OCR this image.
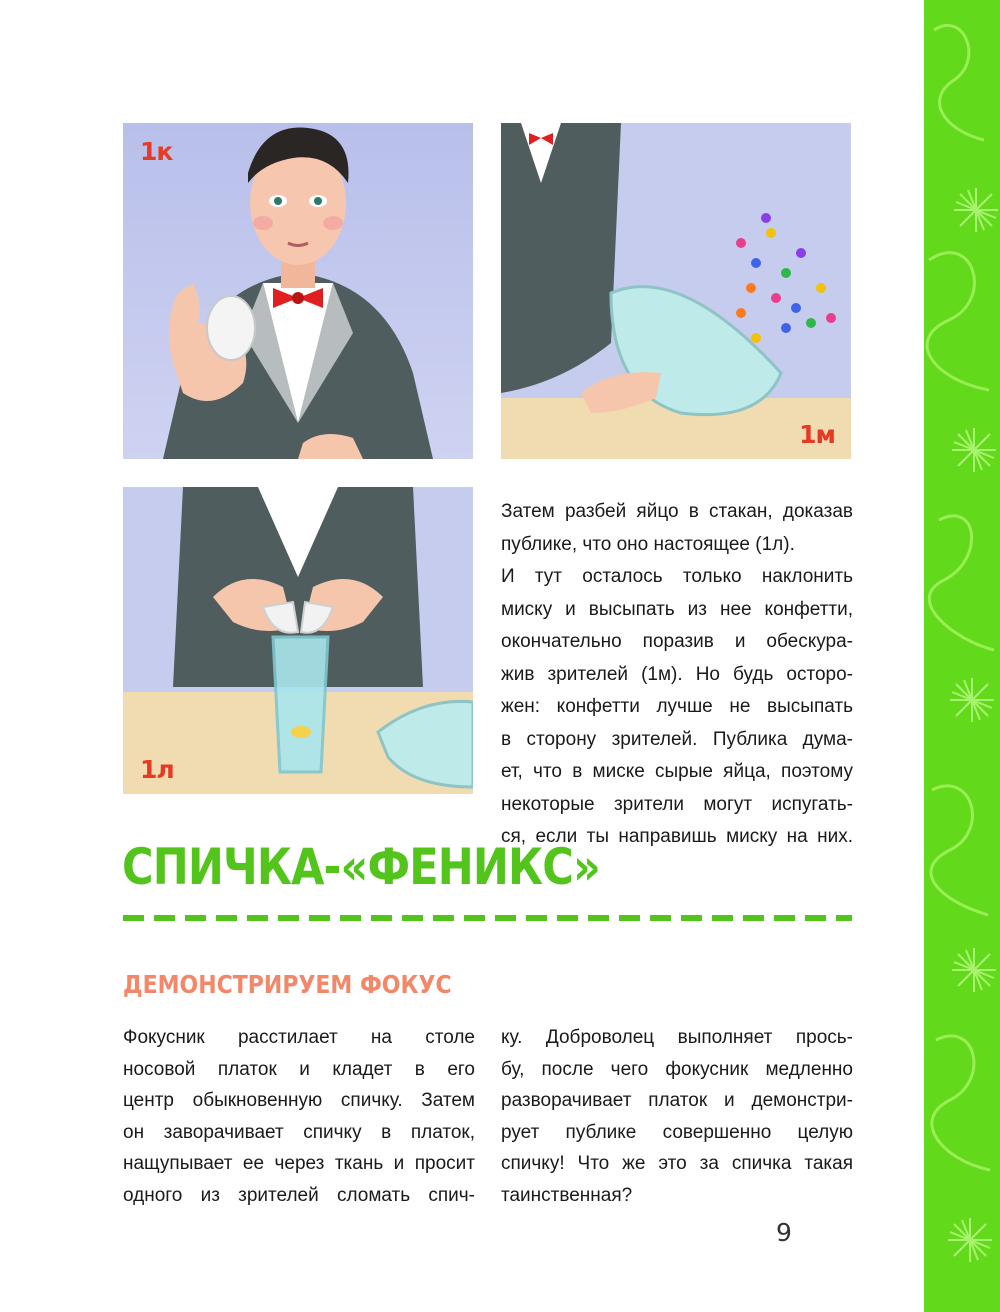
1к
1м
1л
Затем разбей яйцо в стакан, доказав
публике, что оно настоящее (1л).
И тут осталось только наклонить
миску и высыпать из нее конфетти,
окончательно поразив и обескура-
жив зрителей (1м). Но будь осторо-
жен: конфетти лучше не высыпать
в сторону зрителей. Публика дума-
ет, что в миске сырые яйца, поэтому
некоторые зрители могут испугать-
ся, если ты направишь миску на них.
СПИЧКА-«ФЕНИКС»
ДЕМОНСТРИРУЕМ ФОКУС
Фокусник расстилает на столе
носовой платок и кладет в его
центр обыкновенную спичку. Затем
он заворачивает спичку в платок,
нащупывает ее через ткань и просит
одного из зрителей сломать спич-
ку. Доброволец выполняет прось-
бу, после чего фокусник медленно
разворачивает платок и демонстри-
рует публике совершенно целую
спичку! Что же это за спичка такая
таинственная?
9
